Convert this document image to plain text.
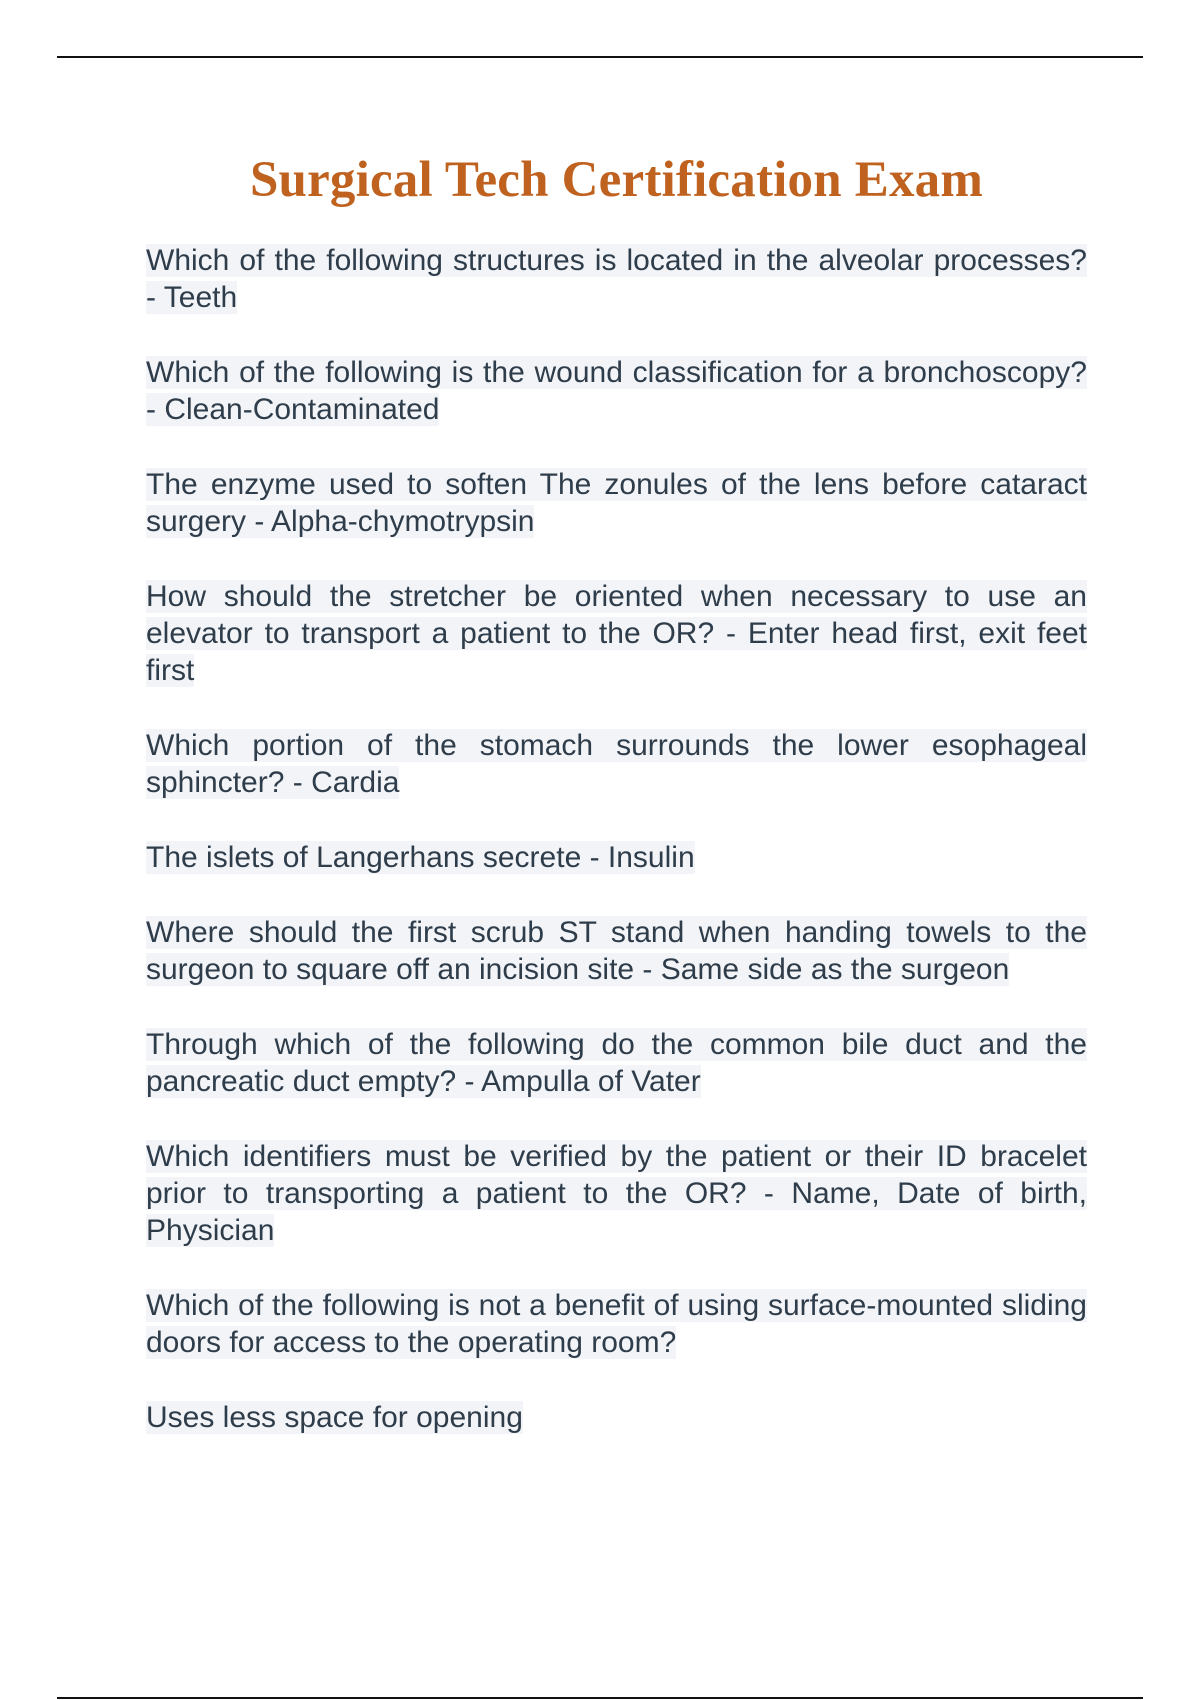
Surgical Tech Certification Exam

Which of the following structures is located in the alveolar processes? - Teeth

Which of the following is the wound classification for a bronchoscopy? - Clean-Contaminated

The enzyme used to soften The zonules of the lens before cataract surgery - Alpha-chymotrypsin

How should the stretcher be oriented when necessary to use an elevator to transport a patient to the OR? - Enter head first, exit feet first

Which portion of the stomach surrounds the lower esophageal sphincter? - Cardia

The islets of Langerhans secrete - Insulin

Where should the first scrub ST stand when handing towels to the surgeon to square off an incision site - Same side as the surgeon

Through which of the following do the common bile duct and the pancreatic duct empty? - Ampulla of Vater

Which identifiers must be verified by the patient or their ID bracelet prior to transporting a patient to the OR? - Name, Date of birth, Physician

Which of the following is not a benefit of using surface-mounted sliding doors for access to the operating room?

Uses less space for opening
